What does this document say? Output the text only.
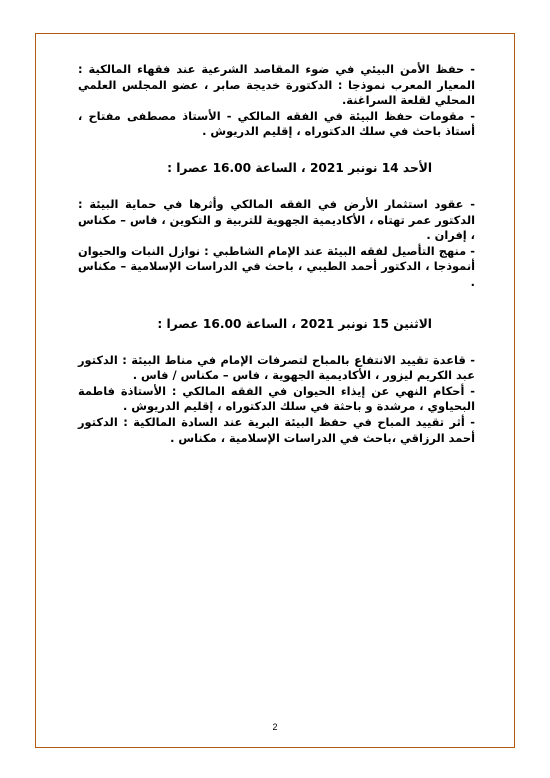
- حفظ الأمن البيئي في ضوء المقاصد الشرعية عند فقهاء المالكية : المعيار المعرب نموذجا : الدكتورة خديجة صابر ، عضو المجلس العلمي المحلي لقلعة السراغنة.

- مقومات حفظ البيئة في الفقه المالكي - الأستاذ مصطفى مفتاح ، أستاذ باحث في سلك الدكتوراه ، إقليم الدريوش .

الأحد 14 نونبر 2021 ، الساعة 16.00 عصرا :

- عقود استثمار الأرض في الفقه المالكي وأثرها في حماية البيئة : الدكتور عمر تهتاه ، الأكاديمية الجهوية للتربية و التكوين ، فاس – مكناس ، إفران .

- منهج التأصيل لفقه البيئة عند الإمام الشاطبي : نوازل النبات والحيوان أنموذجا ، الدكتور أحمد الطيبي ، باحث في الدراسات الإسلامية – مكناس .

الاثنين 15 نونبر 2021 ، الساعة 16.00 عصرا :

- قاعدة تقييد الانتفاع بالمباح لتصرفات الإمام في مناط البيئة : الدكتور عبد الكريم ليزور ، الأكاديمية الجهوية ، فاس – مكناس / فاس .

- أحكام النهي عن إيذاء الحيوان في الفقه المالكي : الأستاذة فاطمة البحياوي ، مرشدة و باحثة في سلك الدكتوراه ، إقليم الدريوش .

- أثر تقييد المباح في حفظ البيئة البرية عند السادة المالكية : الدكتور أحمد الرزاقي ،باحث في الدراسات الإسلامية ، مكناس .

2
